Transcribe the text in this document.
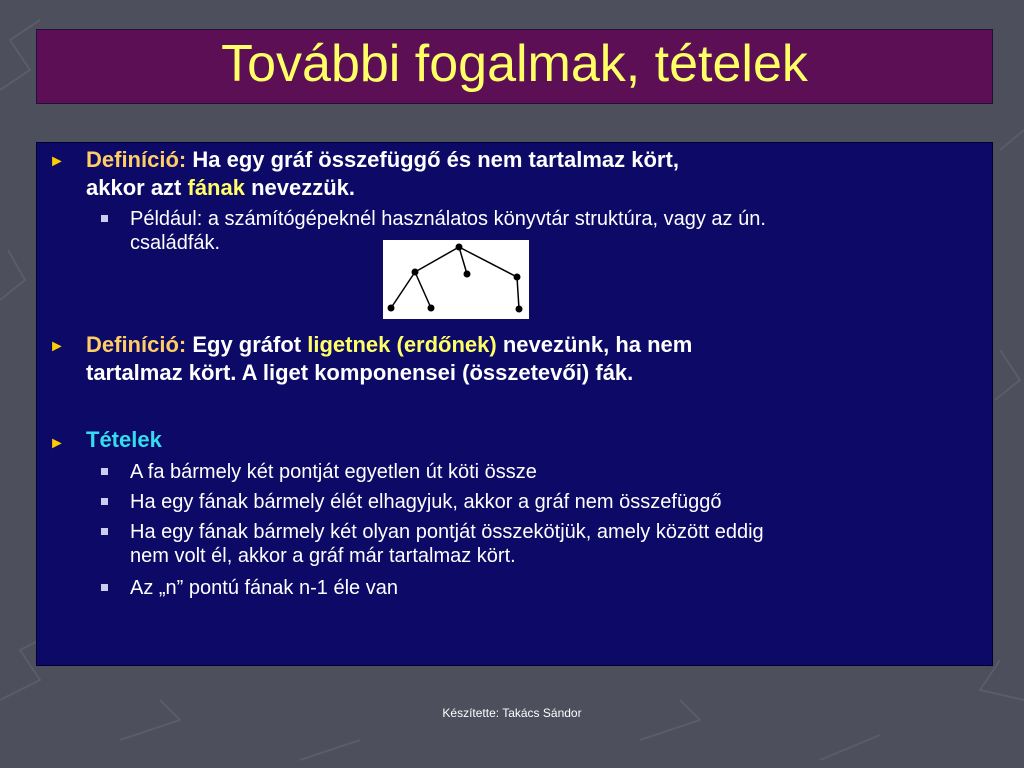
További fogalmak, tételek
► Definíció: Ha egy gráf összefüggő és nem tartalmaz kört,
akkor azt fának nevezzük.
Például: a számítógépeknél használatos könyvtár struktúra, vagy az ún.
családfák.
► Definíció: Egy gráfot ligetnek (erdőnek) nevezünk, ha nem
tartalmaz kört. A liget komponensei (összetevői) fák.
► Tételek
A fa bármely két pontját egyetlen út köti össze
Ha egy fának bármely élét elhagyjuk, akkor a gráf nem összefüggő
Ha egy fának bármely két olyan pontját összekötjük, amely között eddig
nem volt él, akkor a gráf már tartalmaz kört.
Az „n” pontú fának n-1 éle van
Készítette: Takács Sándor
